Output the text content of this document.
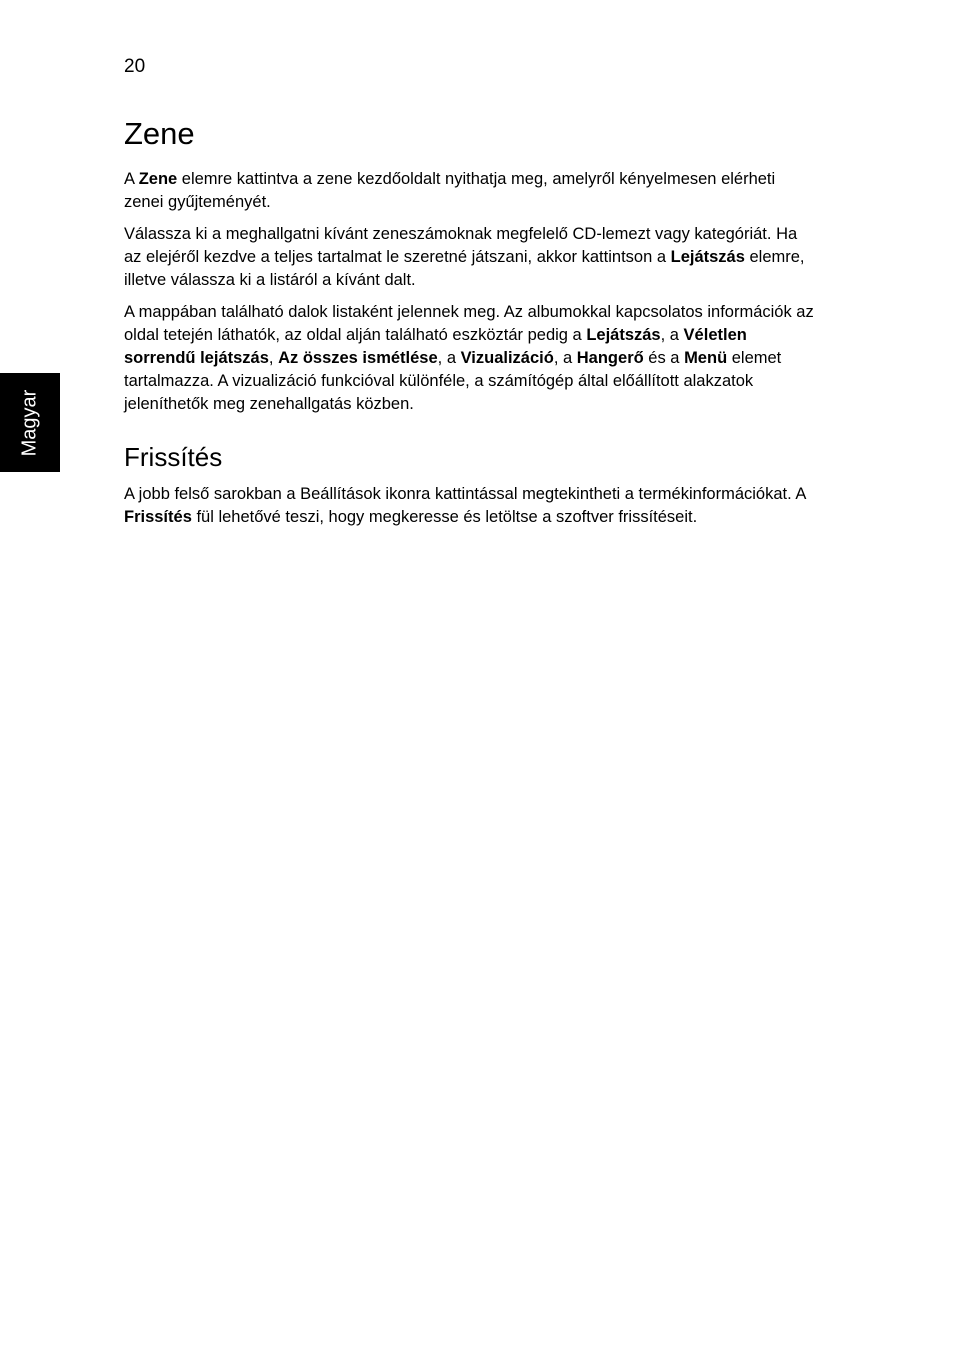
20
Magyar
Zene

A Zene elemre kattintva a zene kezdőoldalt nyithatja meg, amelyről kényelmesen elérheti zenei gyűjteményét.

Válassza ki a meghallgatni kívánt zeneszámoknak megfelelő CD-lemezt vagy kategóriát. Ha az elejéről kezdve a teljes tartalmat le szeretné játszani, akkor kattintson a Lejátszás elemre, illetve válassza ki a listáról a kívánt dalt.

A mappában található dalok listaként jelennek meg. Az albumokkal kapcsolatos információk az oldal tetején láthatók, az oldal alján található eszköztár pedig a Lejátszás, a Véletlen sorrendű lejátszás, Az összes ismétlése, a Vizualizáció, a Hangerő és a Menü elemet tartalmazza. A vizualizáció funkcióval különféle, a számítógép által előállított alakzatok jeleníthetők meg zenehallgatás közben.

Frissítés

A jobb felső sarokban a Beállítások ikonra kattintással megtekintheti a termékinformációkat. A Frissítés fül lehetővé teszi, hogy megkeresse és letöltse a szoftver frissítéseit.
